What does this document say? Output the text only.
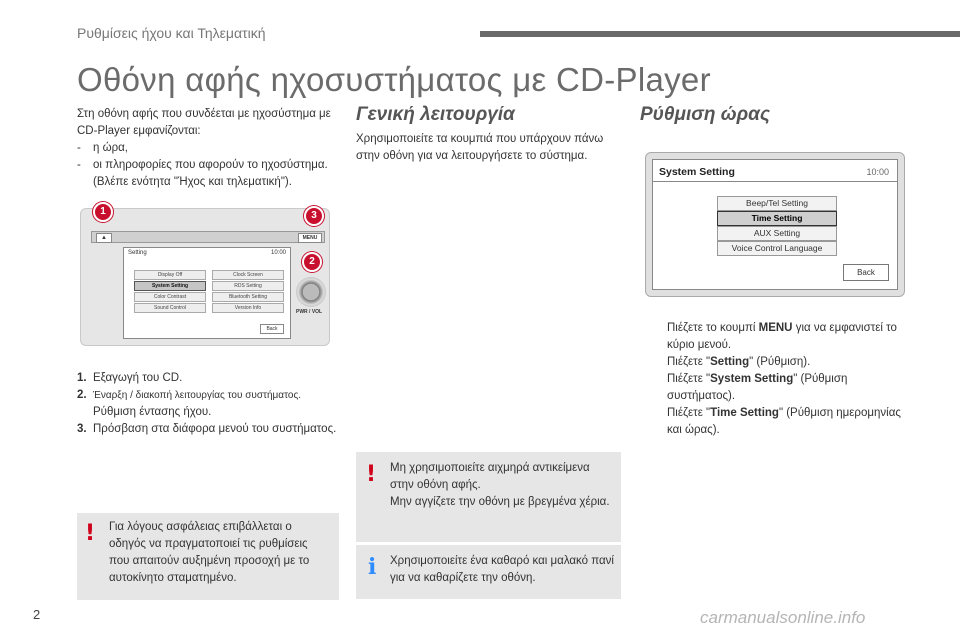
Ρυθμίσεις ήχου και Τηλεματική
Οθόνη αφής ηχοσυστήματος με CD-Player
Στη οθόνη αφής που συνδέεται με ηχοσύστημα με CD-Player εμφανίζονται:
- η ώρα,
- οι πληροφορίες που αφορούν το ηχοσύστημα.
(Βλέπε ενότητα "Ήχος και τηλεματική").
▲	MENU
Setting	10:00
Display Off	Clock Screen
System Setting	RDS Setting
Color Contrast	Bluetooth Setting
Sound Control	Version Info
Back
PWR / VOL
1
2
3
1. Εξαγωγή του CD.
2. Έναρξη / διακοπή λειτουργίας του συστήματος.
Ρύθμιση έντασης ήχου.
3. Πρόσβαση στα διάφορα μενού του συστήματος.
! Για λόγους ασφάλειας επιβάλλεται ο οδηγός να πραγματοποιεί τις ρυθμίσεις που απαιτούν αυξημένη προσοχή με το αυτοκίνητο σταματημένο.
Γενική λειτουργία
Χρησιμοποιείτε τα κουμπιά που υπάρχουν πάνω στην οθόνη για να λειτουργήσετε το σύστημα.
! Μη χρησιμοποιείτε αιχμηρά αντικείμενα στην οθόνη αφής.
Μην αγγίζετε την οθόνη με βρεγμένα χέρια.
i Χρησιμοποιείτε ένα καθαρό και μαλακό πανί για να καθαρίζετε την οθόνη.
Ρύθμιση ώρας
System Setting	10:00
Beep/Tel Setting
Time Setting
AUX Setting
Voice Control Language
Back
Πιέζετε το κουμπί MENU για να εμφανιστεί το κύριο μενού.
Πιέζετε "Setting" (Ρύθμιση).
Πιέζετε "System Setting" (Ρύθμιση συστήματος).
Πιέζετε "Time Setting" (Ρύθμιση ημερομηνίας και ώρας).
2	carmanualsonline.info
